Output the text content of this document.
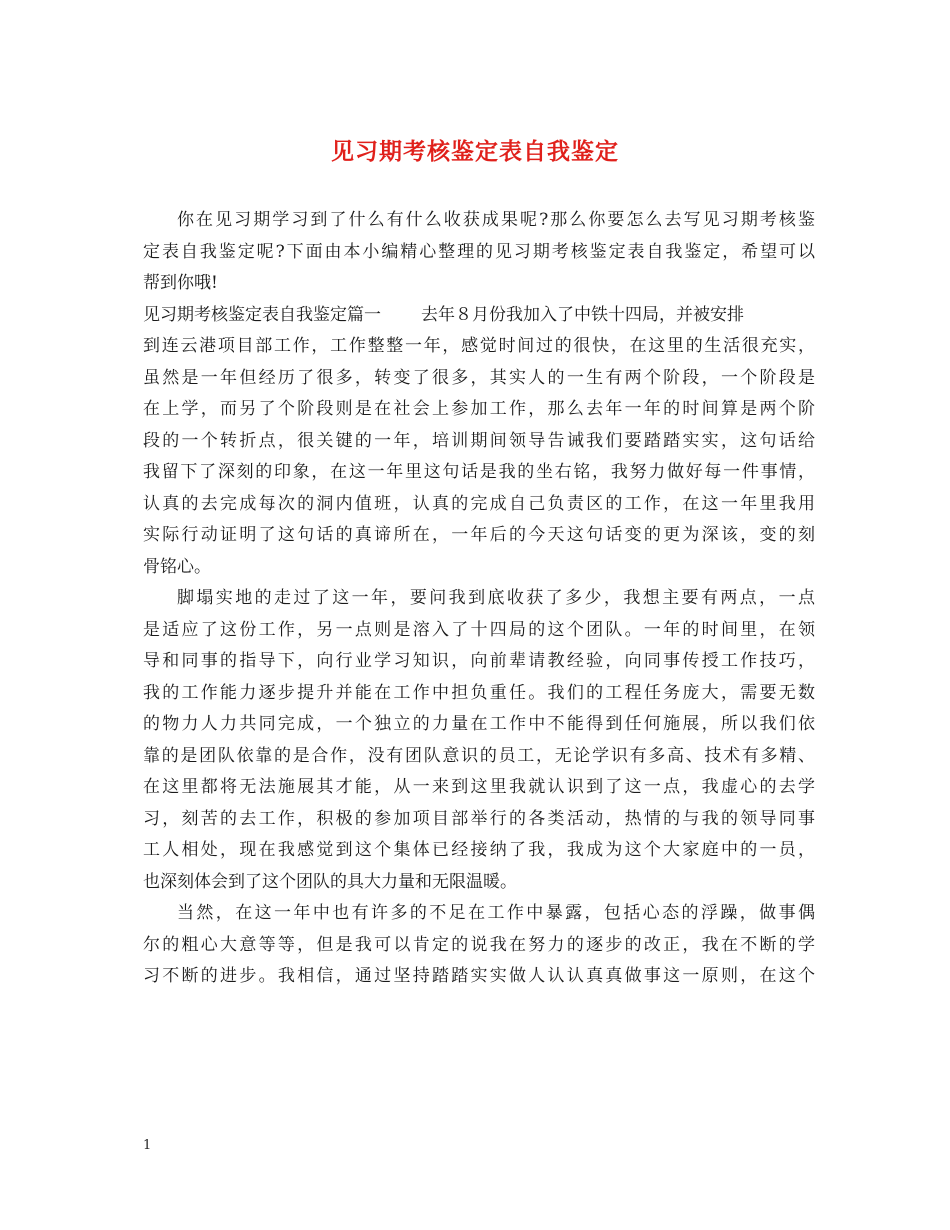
见习期考核鉴定表自我鉴定
你在见习期学习到了什么有什么收获成果呢?那么你要怎么去写见习期考核鉴
定表自我鉴定呢?下面由本小编精心整理的见习期考核鉴定表自我鉴定，希望可以
帮到你哦!
见习期考核鉴定表自我鉴定篇一 去年８月份我加入了中铁十四局，并被安排
到连云港项目部工作，工作整整一年，感觉时间过的很快，在这里的生活很充实，
虽然是一年但经历了很多，转变了很多，其实人的一生有两个阶段，一个阶段是
在上学，而另了个阶段则是在社会上参加工作，那么去年一年的时间算是两个阶
段的一个转折点，很关键的一年，培训期间领导告诫我们要踏踏实实，这句话给
我留下了深刻的印象，在这一年里这句话是我的坐右铭，我努力做好每一件事情，
认真的去完成每次的洞内值班，认真的完成自己负责区的工作，在这一年里我用
实际行动证明了这句话的真谛所在，一年后的今天这句话变的更为深该，变的刻
骨铭心。
脚塌实地的走过了这一年，要问我到底收获了多少，我想主要有两点，一点
是适应了这份工作，另一点则是溶入了十四局的这个团队。一年的时间里，在领
导和同事的指导下，向行业学习知识，向前辈请教经验，向同事传授工作技巧，
我的工作能力逐步提升并能在工作中担负重任。我们的工程任务庞大，需要无数
的物力人力共同完成，一个独立的力量在工作中不能得到任何施展，所以我们依
靠的是团队依靠的是合作，没有团队意识的员工，无论学识有多高、技术有多精、
在这里都将无法施展其才能，从一来到这里我就认识到了这一点，我虚心的去学
习，刻苦的去工作，积极的参加项目部举行的各类活动，热情的与我的领导同事
工人相处，现在我感觉到这个集体已经接纳了我，我成为这个大家庭中的一员，
也深刻体会到了这个团队的具大力量和无限温暖。
当然，在这一年中也有许多的不足在工作中暴露，包括心态的浮躁，做事偶
尔的粗心大意等等，但是我可以肯定的说我在努力的逐步的改正，我在不断的学
习不断的进步。我相信，通过坚持踏踏实实做人认认真真做事这一原则，在这个
1
